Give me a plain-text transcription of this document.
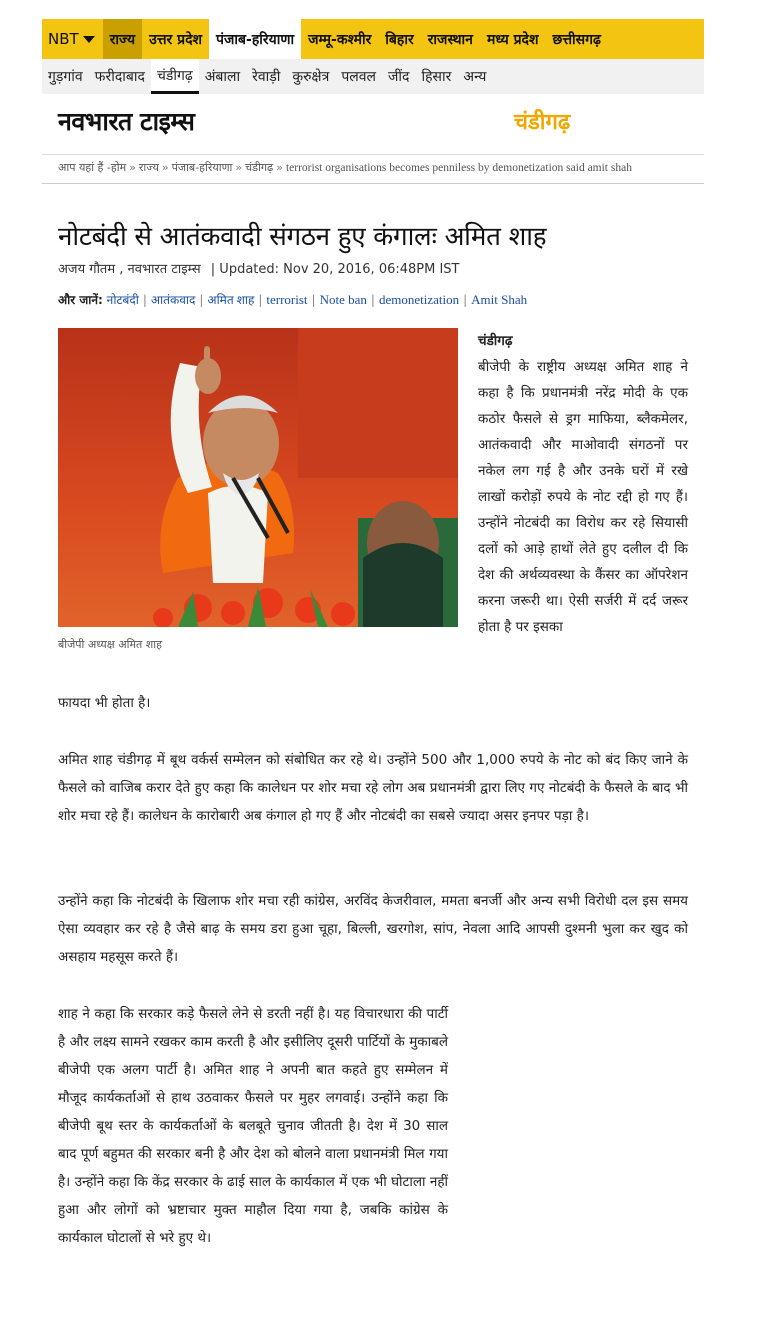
NBT	राज्य	उत्तर प्रदेश	पंजाब-हरियाणा	जम्मू-कश्मीर	बिहार	राजस्थान	मध्य प्रदेश	छत्तीसगढ़
गुड़गांव फरीदाबाद चंडीगढ़ अंबाला रेवाड़ी कुरुक्षेत्र पलवल जींद हिसार अन्य
नवभारत टाइम्स	चंडीगढ़
आप यहां हैं -होम » राज्य » पंजाब-हरियाणा » चंडीगढ़ » terrorist organisations becomes penniless by demonetization said amit shah
नोटबंदी से आतंकवादी संगठन हुए कंगालः अमित शाह
अजय गौतम , नवभारत टाइम्स | Updated: Nov 20, 2016, 06:48PM IST
और जानें: नोटबंदी | आतंकवाद | अमित शाह | terrorist | Note ban | demonetization | Amit Shah
बीजेपी अध्यक्ष अमित शाह
चंडीगढ़
बीजेपी के राष्ट्रीय अध्यक्ष अमित शाह ने कहा है कि प्रधानमंत्री नरेंद्र मोदी के एक कठोर फैसले से ड्रग माफिया, ब्लैकमेलर, आतंकवादी और माओवादी संगठनों पर नकेल लग गई है और उनके घरों में रखे लाखों करोड़ों रुपये के नोट रद्दी हो गए हैं। उन्होंने नोटबंदी का विरोध कर रहे सियासी दलों को आड़े हाथों लेते हुए दलील दी कि देश की अर्थव्यवस्था के कैंसर का ऑपरेशन करना जरूरी था। ऐसी सर्जरी में दर्द जरूर होता है पर इसका
फायदा भी होता है।
अमित शाह चंडीगढ़ में बूथ वर्कर्स सम्मेलन को संबोधित कर रहे थे। उन्होंने 500 और 1,000 रुपये के नोट को बंद किए जाने के फैसले को वाजिब करार देते हुए कहा कि कालेधन पर शोर मचा रहे लोग अब प्रधानमंत्री द्वारा लिए गए नोटबंदी के फैसले के बाद भी शोर मचा रहे हैं। कालेधन के कारोबारी अब कंगाल हो गए हैं और नोटबंदी का सबसे ज्यादा असर इनपर पड़ा है।
उन्होंने कहा कि नोटबंदी के खिलाफ शोर मचा रही कांग्रेस, अरविंद केजरीवाल, ममता बनर्जी और अन्य सभी विरोधी दल इस समय ऐसा व्यवहार कर रहे है जैसे बाढ़ के समय डरा हुआ चूहा, बिल्ली, खरगोश, सांप, नेवला आदि आपसी दुश्मनी भुला कर खुद को असहाय महसूस करते हैं।
शाह ने कहा कि सरकार कड़े फैसले लेने से डरती नहीं है। यह विचारधारा की पार्टी है और लक्ष्य सामने रखकर काम करती है और इसीलिए दूसरी पार्टियों के मुकाबले बीजेपी एक अलग पार्टी है। अमित शाह ने अपनी बात कहते हुए सम्मेलन में मौजूद कार्यकर्ताओं से हाथ उठवाकर फैसले पर मुहर लगवाई। उन्होंने कहा कि बीजेपी बूथ स्तर के कार्यकर्ताओं के बलबूते चुनाव जीतती है। देश में 30 साल बाद पूर्ण बहुमत की सरकार बनी है और देश को बोलने वाला प्रधानमंत्री मिल गया है। उन्होंने कहा कि केंद्र सरकार के ढाई साल के कार्यकाल में एक भी घोटाला नहीं हुआ और लोगों को भ्रष्टाचार मुक्त माहौल दिया गया है, जबकि कांग्रेस के कार्यकाल घोटालों से भरे हुए थे।
